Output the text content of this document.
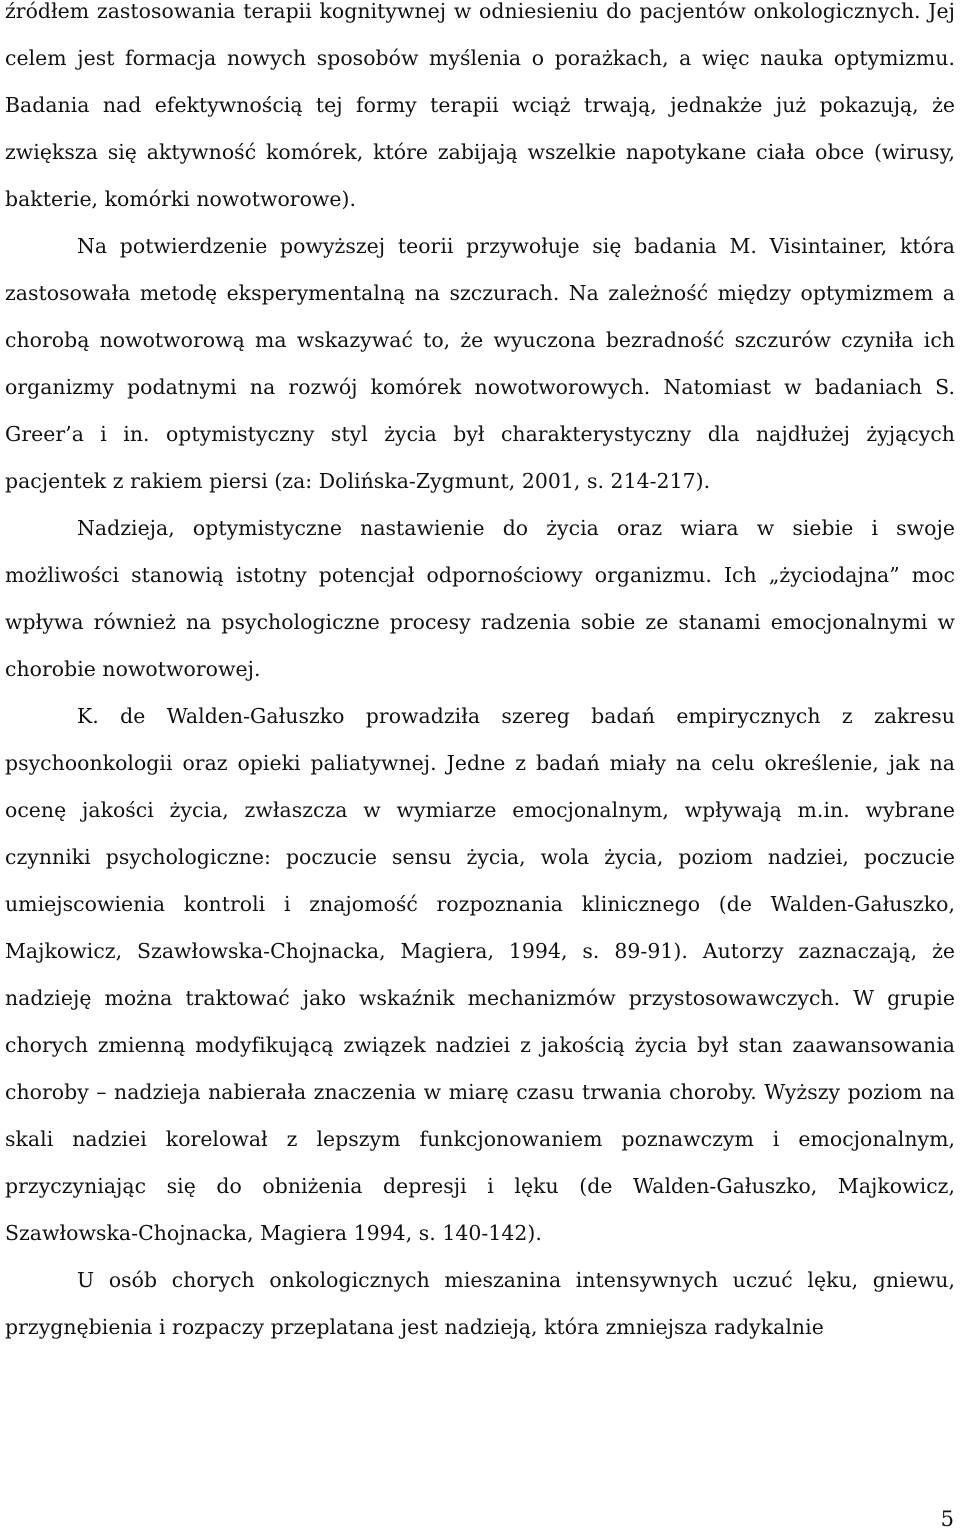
źródłem zastosowania terapii kognitywnej w odniesieniu do pacjentów onkologicznych. Jej celem jest formacja nowych sposobów myślenia o porażkach, a więc nauka optymizmu. Badania nad efektywnością tej formy terapii wciąż trwają, jednakże już pokazują, że zwiększa się aktywność komórek, które zabijają wszelkie napotykane ciała obce (wirusy, bakterie, komórki nowotworowe).

Na potwierdzenie powyższej teorii przywołuje się badania M. Visintainer, która zastosowała metodę eksperymentalną na szczurach. Na zależność między optymizmem a chorobą nowotworową ma wskazywać to, że wyuczona bezradność szczurów czyniła ich organizmy podatnymi na rozwój komórek nowotworowych. Natomiast w badaniach S. Greer’a i in. optymistyczny styl życia był charakterystyczny dla najdłużej żyjących pacjentek z rakiem piersi (za: Dolińska-Zygmunt, 2001, s. 214-217).

Nadzieja, optymistyczne nastawienie do życia oraz wiara w siebie i swoje możliwości stanowią istotny potencjał odpornościowy organizmu. Ich „życiodajna” moc wpływa również na psychologiczne procesy radzenia sobie ze stanami emocjonalnymi w chorobie nowotworowej.

K. de Walden-Gałuszko prowadziła szereg badań empirycznych z zakresu psychoonkologii oraz opieki paliatywnej. Jedne z badań miały na celu określenie, jak na ocenę jakości życia, zwłaszcza w wymiarze emocjonalnym, wpływają m.in. wybrane czynniki psychologiczne: poczucie sensu życia, wola życia, poziom nadziei, poczucie umiejscowienia kontroli i znajomość rozpoznania klinicznego (de Walden-Gałuszko, Majkowicz, Szawłowska-Chojnacka, Magiera, 1994, s. 89-91). Autorzy zaznaczają, że nadzieję można traktować jako wskaźnik mechanizmów przystosowawczych. W grupie chorych zmienną modyfikującą związek nadziei z jakością życia był stan zaawansowania choroby – nadzieja nabierała znaczenia w miarę czasu trwania choroby. Wyższy poziom na skali nadziei korelował z lepszym funkcjonowaniem poznawczym i emocjonalnym, przyczyniając się do obniżenia depresji i lęku (de Walden-Gałuszko, Majkowicz, Szawłowska-Chojnacka, Magiera 1994, s. 140-142).

U osób chorych onkologicznych mieszanina intensywnych uczuć lęku, gniewu, przygnębienia i rozpaczy przeplatana jest nadzieją, która zmniejsza radykalnie

5
